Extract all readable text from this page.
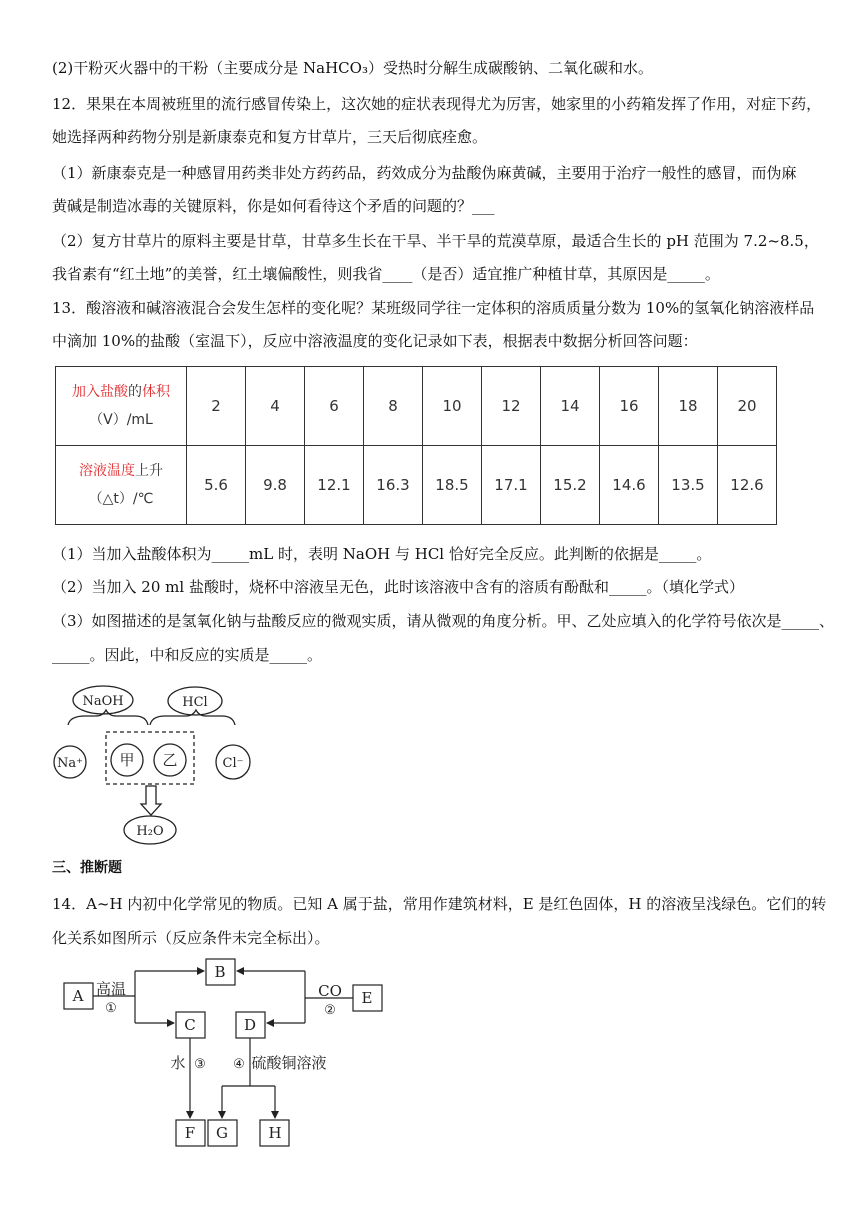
(2)干粉灭火器中的干粉（主要成分是 NaHCO₃）受热时分解生成碳酸钠、二氧化碳和水。
12．果果在本周被班里的流行感冒传染上，这次她的症状表现得尤为厉害，她家里的小药箱发挥了作用，对症下药，
她选择两种药物分别是新康泰克和复方甘草片，三天后彻底痊愈。
（1）新康泰克是一种感冒用药类非处方药药品，药效成分为盐酸伪麻黄碱，主要用于治疗一般性的感冒，而伪麻
黄碱是制造冰毒的关键原料，你是如何看待这个矛盾的问题的？___
（2）复方甘草片的原料主要是甘草，甘草多生长在干旱、半干旱的荒漠草原，最适合生长的 pH 范围为 7.2~8.5，
我省素有“红土地”的美誉，红土壤偏酸性，则我省____（是否）适宜推广种植甘草，其原因是_____。
13．酸溶液和碱溶液混合会发生怎样的变化呢？某班级同学往一定体积的溶质质量分数为 10%的氢氧化钠溶液样品
中滴加 10%的盐酸（室温下），反应中溶液温度的变化记录如下表，根据表中数据分析回答问题：
加入盐酸的体积
（V）/mL	2	4	6	8	10	12	14	16	18	20
溶液温度上升
（△t）/℃	5.6	9.8	12.1	16.3	18.5	17.1	15.2	14.6	13.5	12.6
（1）当加入盐酸体积为_____mL 时，表明 NaOH 与 HCl 恰好完全反应。此判断的依据是_____。
（2）当加入 20 ml 盐酸时，烧杯中溶液呈无色，此时该溶液中含有的溶质有酚酞和_____。（填化学式）
（3）如图描述的是氢氧化钠与盐酸反应的微观实质，请从微观的角度分析。甲、乙处应填入的化学符号依次是_____、
_____。因此，中和反应的实质是_____。
NaOH	HCl
Na⁺ 甲 乙	Cl⁻
H₂O
A
B
C	D
E
F G	H
高温
①
CO
②
水 ③ ④ 硫酸铜溶液
三、推断题
14．A~H 内初中化学常见的物质。已知 A 属于盐，常用作建筑材料，E 是红色固体，H 的溶液呈浅绿色。它们的转
化关系如图所示（反应条件未完全标出）。
